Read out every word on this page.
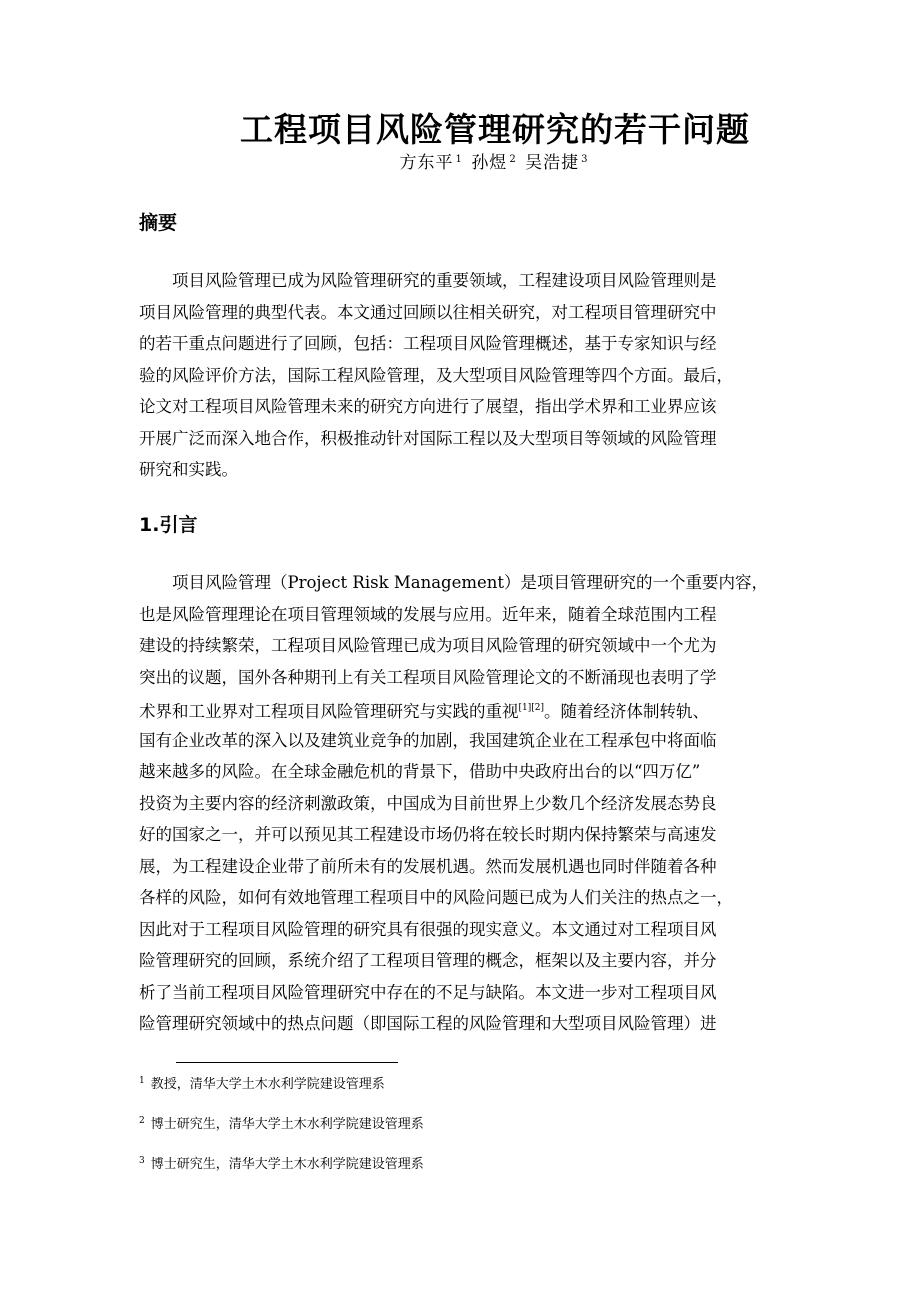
工程项目风险管理研究的若干问题
方东平 $^1$ 孙煜 $^2$ 吴浩捷 $^3$
摘要
　　项目风险管理已成为风险管理研究的重要领域，工程建设项目风险管理则是
项目风险管理的典型代表。本文通过回顾以往相关研究，对工程项目管理研究中
的若干重点问题进行了回顾，包括：工程项目风险管理概述，基于专家知识与经
验的风险评价方法，国际工程风险管理，及大型项目风险管理等四个方面。最后，
论文对工程项目风险管理未来的研究方向进行了展望，指出学术界和工业界应该
开展广泛而深入地合作，积极推动针对国际工程以及大型项目等领域的风险管理
研究和实践。
1.引言
　　项目风险管理（Project Risk Management）是项目管理研究的一个重要内容，
也是风险管理理论在项目管理领域的发展与应用。近年来，随着全球范围内工程
建设的持续繁荣，工程项目风险管理已成为项目风险管理的研究领域中一个尤为
突出的议题，国外各种期刊上有关工程项目风险管理论文的不断涌现也表明了学
术界和工业界对工程项目风险管理研究与实践的重视[1][2]。随着经济体制转轨、
国有企业改革的深入以及建筑业竞争的加剧，我国建筑企业在工程承包中将面临
越来越多的风险。在全球金融危机的背景下，借助中央政府出台的以“四万亿”
投资为主要内容的经济刺激政策，中国成为目前世界上少数几个经济发展态势良
好的国家之一，并可以预见其工程建设市场仍将在较长时期内保持繁荣与高速发
展，为工程建设企业带了前所未有的发展机遇。然而发展机遇也同时伴随着各种
各样的风险，如何有效地管理工程项目中的风险问题已成为人们关注的热点之一，
因此对于工程项目风险管理的研究具有很强的现实意义。本文通过对工程项目风
险管理研究的回顾，系统介绍了工程项目管理的概念，框架以及主要内容，并分
析了当前工程项目风险管理研究中存在的不足与缺陷。本文进一步对工程项目风
险管理研究领域中的热点问题（即国际工程的风险管理和大型项目风险管理）进
$^1$ 教授，清华大学土木水利学院建设管理系
$^2$ 博士研究生，清华大学土木水利学院建设管理系
$^3$ 博士研究生，清华大学土木水利学院建设管理系
